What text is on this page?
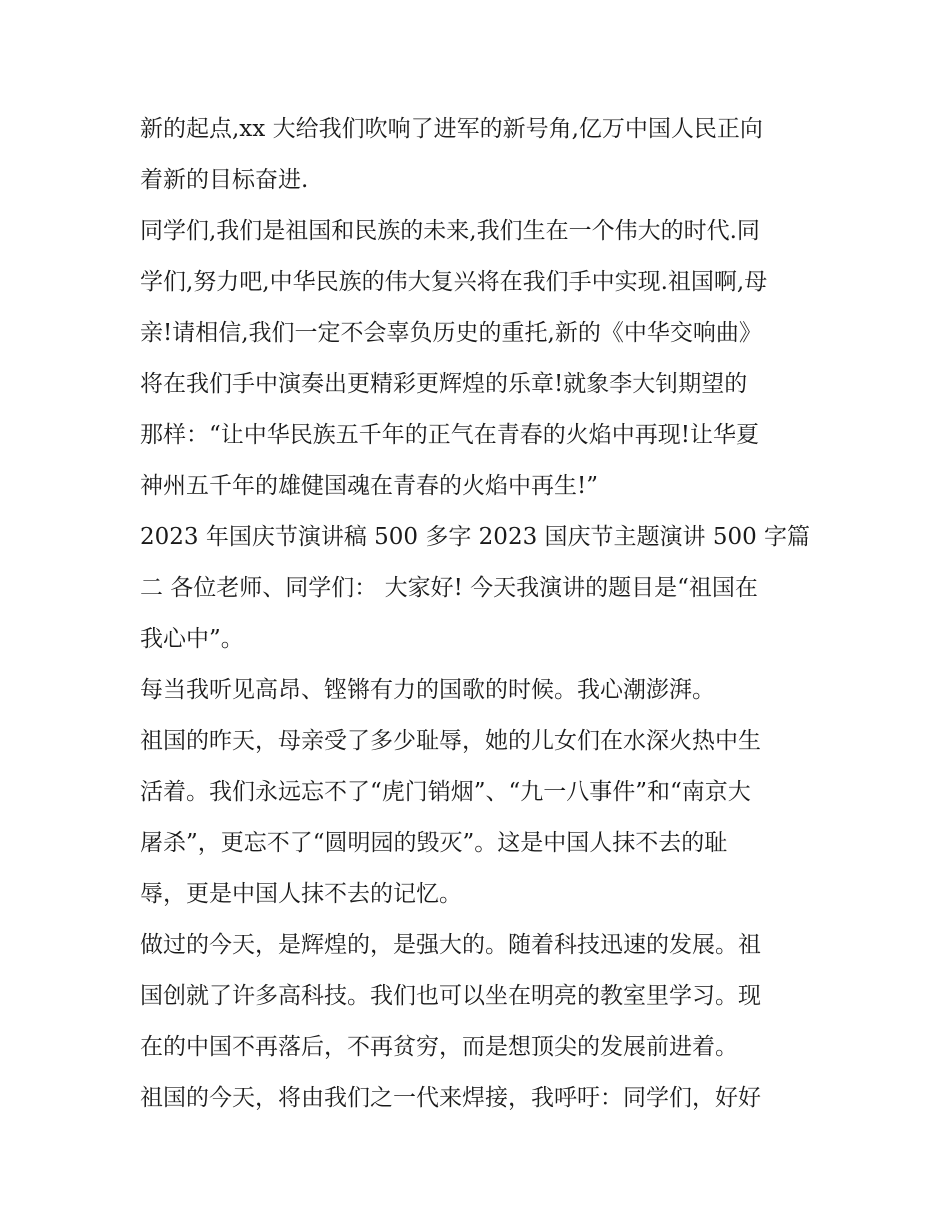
新的起点,xx 大给我们吹响了进军的新号角,亿万中国人民正向
着新的目标奋进.
同学们,我们是祖国和民族的未来,我们生在一个伟大的时代.同
学们,努力吧,中华民族的伟大复兴将在我们手中实现.祖国啊,母
亲!请相信,我们一定不会辜负历史的重托,新的《中华交响曲》
将在我们手中演奏出更精彩更辉煌的乐章!就象李大钊期望的
那样：“让中华民族五千年的正气在青春的火焰中再现!让华夏
神州五千年的雄健国魂在青春的火焰中再生!”
2023 年国庆节演讲稿 500 多字 2023 国庆节主题演讲 500 字篇
二 各位老师、同学们： 大家好! 今天我演讲的题目是“祖国在
我心中”。
每当我听见高昂、铿锵有力的国歌的时候。我心潮澎湃。
祖国的昨天，母亲受了多少耻辱，她的儿女们在水深火热中生
活着。我们永远忘不了“虎门销烟”、“九一八事件”和“南京大
屠杀”，更忘不了“圆明园的毁灭”。这是中国人抹不去的耻
辱，更是中国人抹不去的记忆。
做过的今天，是辉煌的，是强大的。随着科技迅速的发展。祖
国创就了许多高科技。我们也可以坐在明亮的教室里学习。现
在的中国不再落后，不再贫穷，而是想顶尖的发展前进着。
祖国的今天，将由我们之一代来焊接，我呼吁：同学们，好好
